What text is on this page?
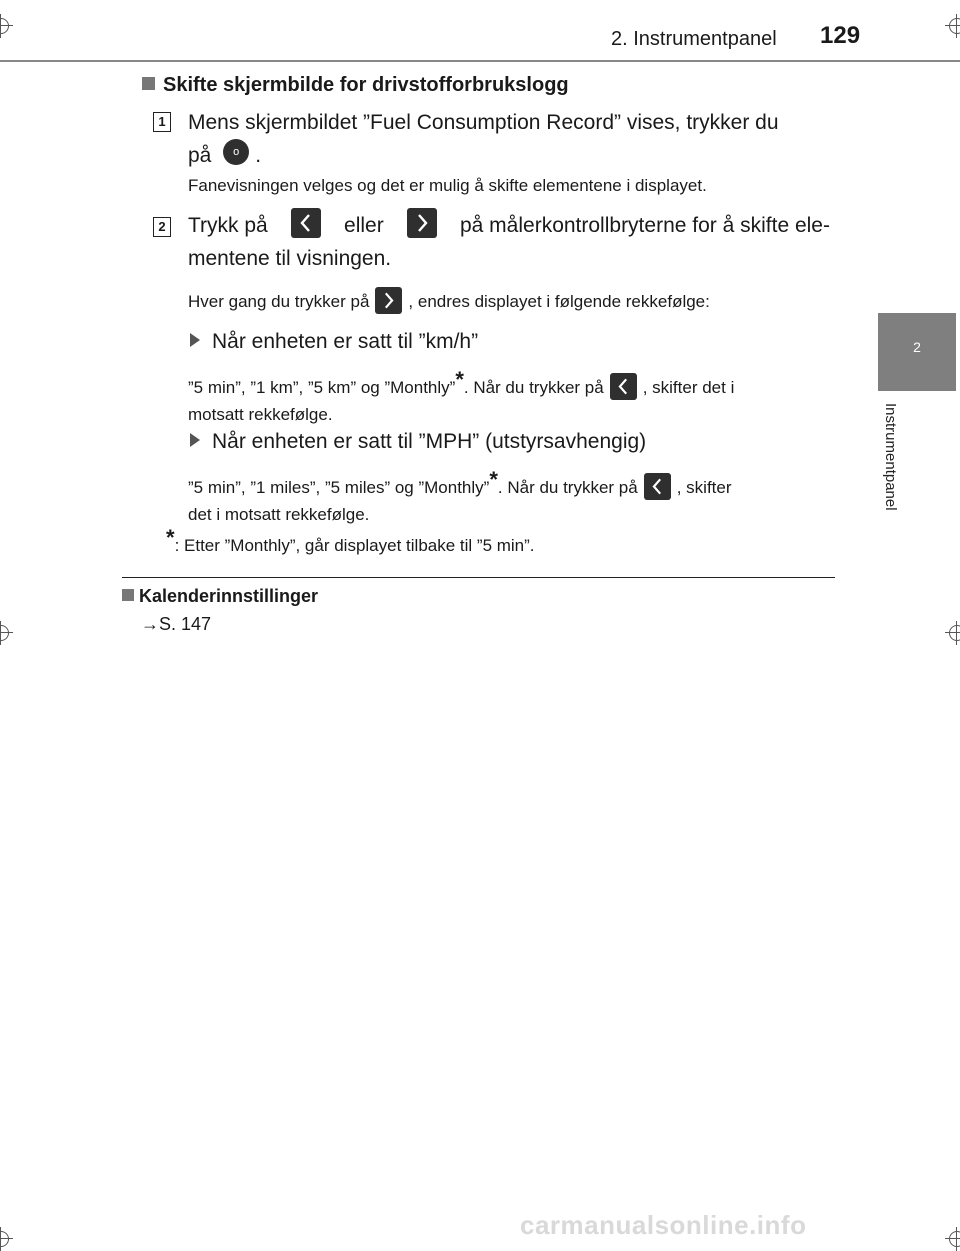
2. Instrumentpanel 129
2
Instrumentpanel
Skifte skjermbilde for drivstofforbrukslogg
1 Mens skjermbildet ”Fuel Consumption Record” vises, trykker du
på o .
Fanevisningen velges og det er mulig å skifte elementene i displayet.
2 Trykk på	eller	på målerkontrollbryterne for å skifte ele-
mentene til visningen.
Hver gang du trykker på , endres displayet i følgende rekkefølge:
Når enheten er satt til ”km/h”
”5 min”, ”1 km”, ”5 km” og ”Monthly”*. Når du trykker på , skifter det i
motsatt rekkefølge.
Når enheten er satt til ”MPH” (utstyrsavhengig)
”5 min”, ”1 miles”, ”5 miles” og ”Monthly”*. Når du trykker på , skifter
det i motsatt rekkefølge.
*: Etter ”Monthly”, går displayet tilbake til ”5 min”.
Kalenderinnstillinger
→S. 147
carmanualsonline.info
